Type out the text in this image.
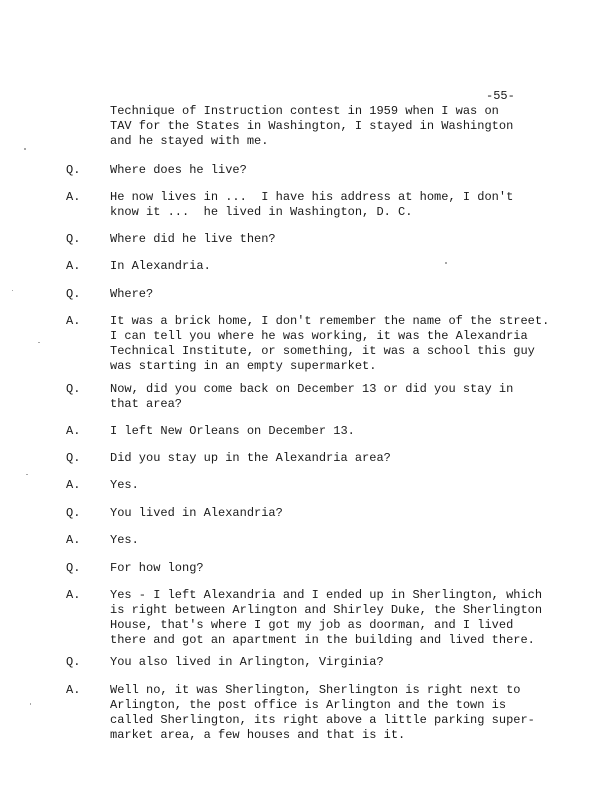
-55-
Technique of Instruction contest in 1959 when I was on
TAV for the States in Washington, I stayed in Washington
and he stayed with me.
Q. Where does he live?
A. He now lives in ...  I have his address at home, I don't
know it ...  he lived in Washington, D. C.
Q. Where did he live then?
A. In Alexandria.
Q. Where?
A. It was a brick home, I don't remember the name of the street.
I can tell you where he was working, it was the Alexandria
Technical Institute, or something, it was a school this guy
was starting in an empty supermarket.
Q. Now, did you come back on December 13 or did you stay in
that area?
A. I left New Orleans on December 13.
Q. Did you stay up in the Alexandria area?
A. Yes.
Q. You lived in Alexandria?
A. Yes.
Q. For how long?
A. Yes - I left Alexandria and I ended up in Sherlington, which
is right between Arlington and Shirley Duke, the Sherlington
House, that's where I got my job as doorman, and I lived
there and got an apartment in the building and lived there.
Q. You also lived in Arlington, Virginia?
A. Well no, it was Sherlington, Sherlington is right next to
Arlington, the post office is Arlington and the town is
called Sherlington, its right above a little parking super-
market area, a few houses and that is it.
